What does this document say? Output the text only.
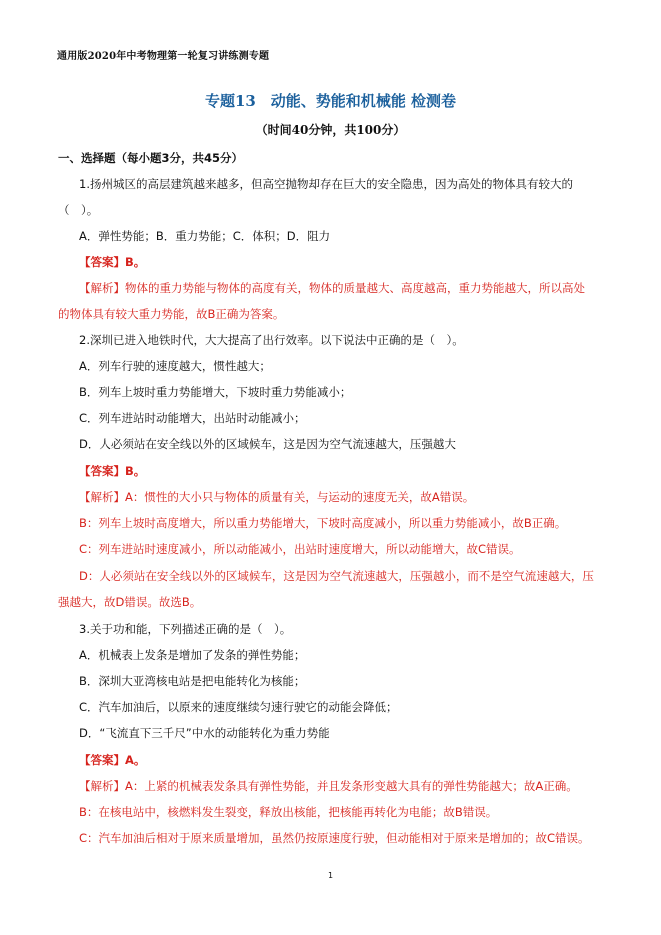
通用版2020年中考物理第一轮复习讲练测专题
专题13　动能、势能和机械能 检测卷
（时间40分钟，共100分）
一、选择题（每小题3分，共45分）
1.扬州城区的高层建筑越来越多，但高空抛物却存在巨大的安全隐患，因为高处的物体具有较大的
（　）。
A．弹性势能；B．重力势能；C．体积；D．阻力
【答案】B。
【解析】物体的重力势能与物体的高度有关，物体的质量越大、高度越高，重力势能越大，所以高处
的物体具有较大重力势能，故B正确为答案。
2.深圳已进入地铁时代，大大提高了出行效率。以下说法中正确的是（　）。
A．列车行驶的速度越大，惯性越大；
B．列车上坡时重力势能增大，下坡时重力势能减小；
C．列车进站时动能增大，出站时动能减小；
D．人必须站在安全线以外的区域候车，这是因为空气流速越大，压强越大
【答案】B。
【解析】A：惯性的大小只与物体的质量有关，与运动的速度无关，故A错误。
B：列车上坡时高度增大，所以重力势能增大，下坡时高度减小，所以重力势能减小，故B正确。
C：列车进站时速度减小，所以动能减小，出站时速度增大，所以动能增大，故C错误。
D：人必须站在安全线以外的区域候车，这是因为空气流速越大，压强越小，而不是空气流速越大，压
强越大，故D错误。故选B。
3.关于功和能，下列描述正确的是（　）。
A．机械表上发条是增加了发条的弹性势能；
B．深圳大亚湾核电站是把电能转化为核能；
C．汽车加油后，以原来的速度继续匀速行驶它的动能会降低；
D．“飞流直下三千尺”中水的动能转化为重力势能
【答案】A。
【解析】A：上紧的机械表发条具有弹性势能，并且发条形变越大具有的弹性势能越大；故A正确。
B：在核电站中，核燃料发生裂变，释放出核能，把核能再转化为电能；故B错误。
C：汽车加油后相对于原来质量增加，虽然仍按原速度行驶，但动能相对于原来是增加的；故C错误。
1
